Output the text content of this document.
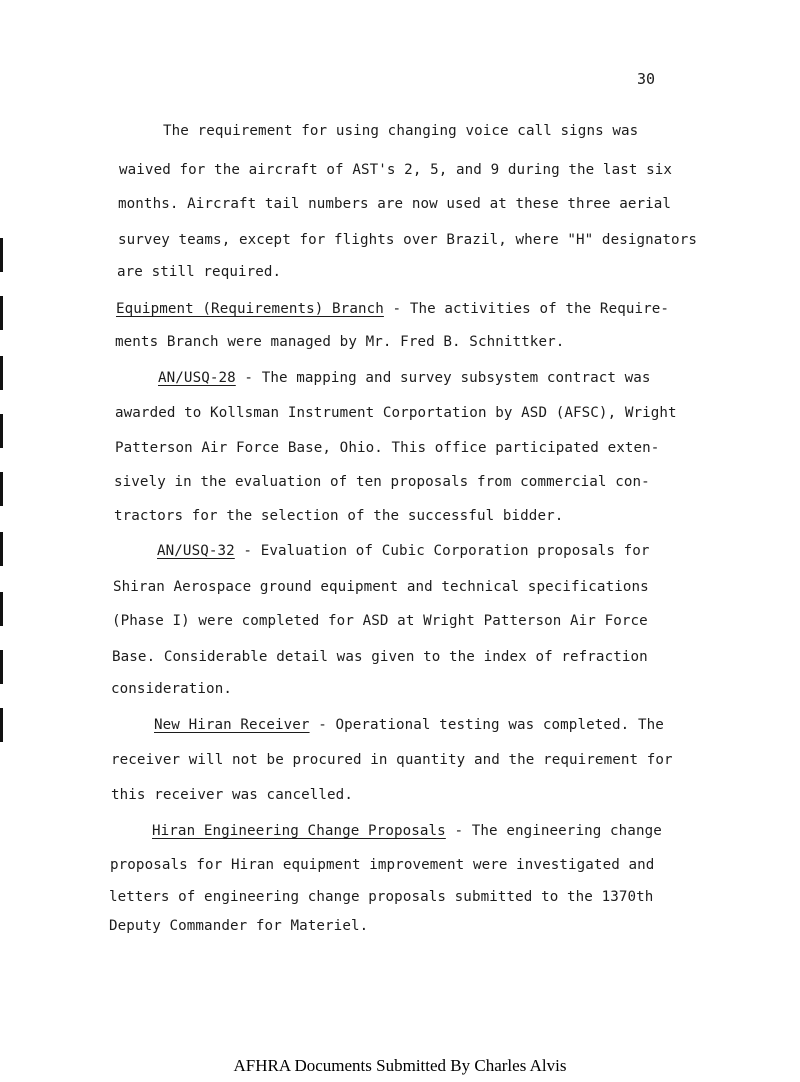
30
The requirement for using changing voice call signs was
waived for the aircraft of AST's 2, 5, and 9 during the last six
months. Aircraft tail numbers are now used at these three aerial
survey teams, except for flights over Brazil, where "H" designators
are still required.
Equipment (Requirements) Branch - The activities of the Require-
ments Branch were managed by Mr. Fred B. Schnittker.
AN/USQ-28 - The mapping and survey subsystem contract was
awarded to Kollsman Instrument Corportation by ASD (AFSC), Wright
Patterson Air Force Base, Ohio. This office participated exten-
sively in the evaluation of ten proposals from commercial con-
tractors for the selection of the successful bidder.
AN/USQ-32 - Evaluation of Cubic Corporation proposals for
Shiran Aerospace ground equipment and technical specifications
(Phase I) were completed for ASD at Wright Patterson Air Force
Base. Considerable detail was given to the index of refraction
consideration.
New Hiran Receiver - Operational testing was completed. The
receiver will not be procured in quantity and the requirement for
this receiver was cancelled.
Hiran Engineering Change Proposals - The engineering change
proposals for Hiran equipment improvement were investigated and
letters of engineering change proposals submitted to the 1370th
Deputy Commander for Materiel.
AFHRA Documents Submitted By Charles Alvis
